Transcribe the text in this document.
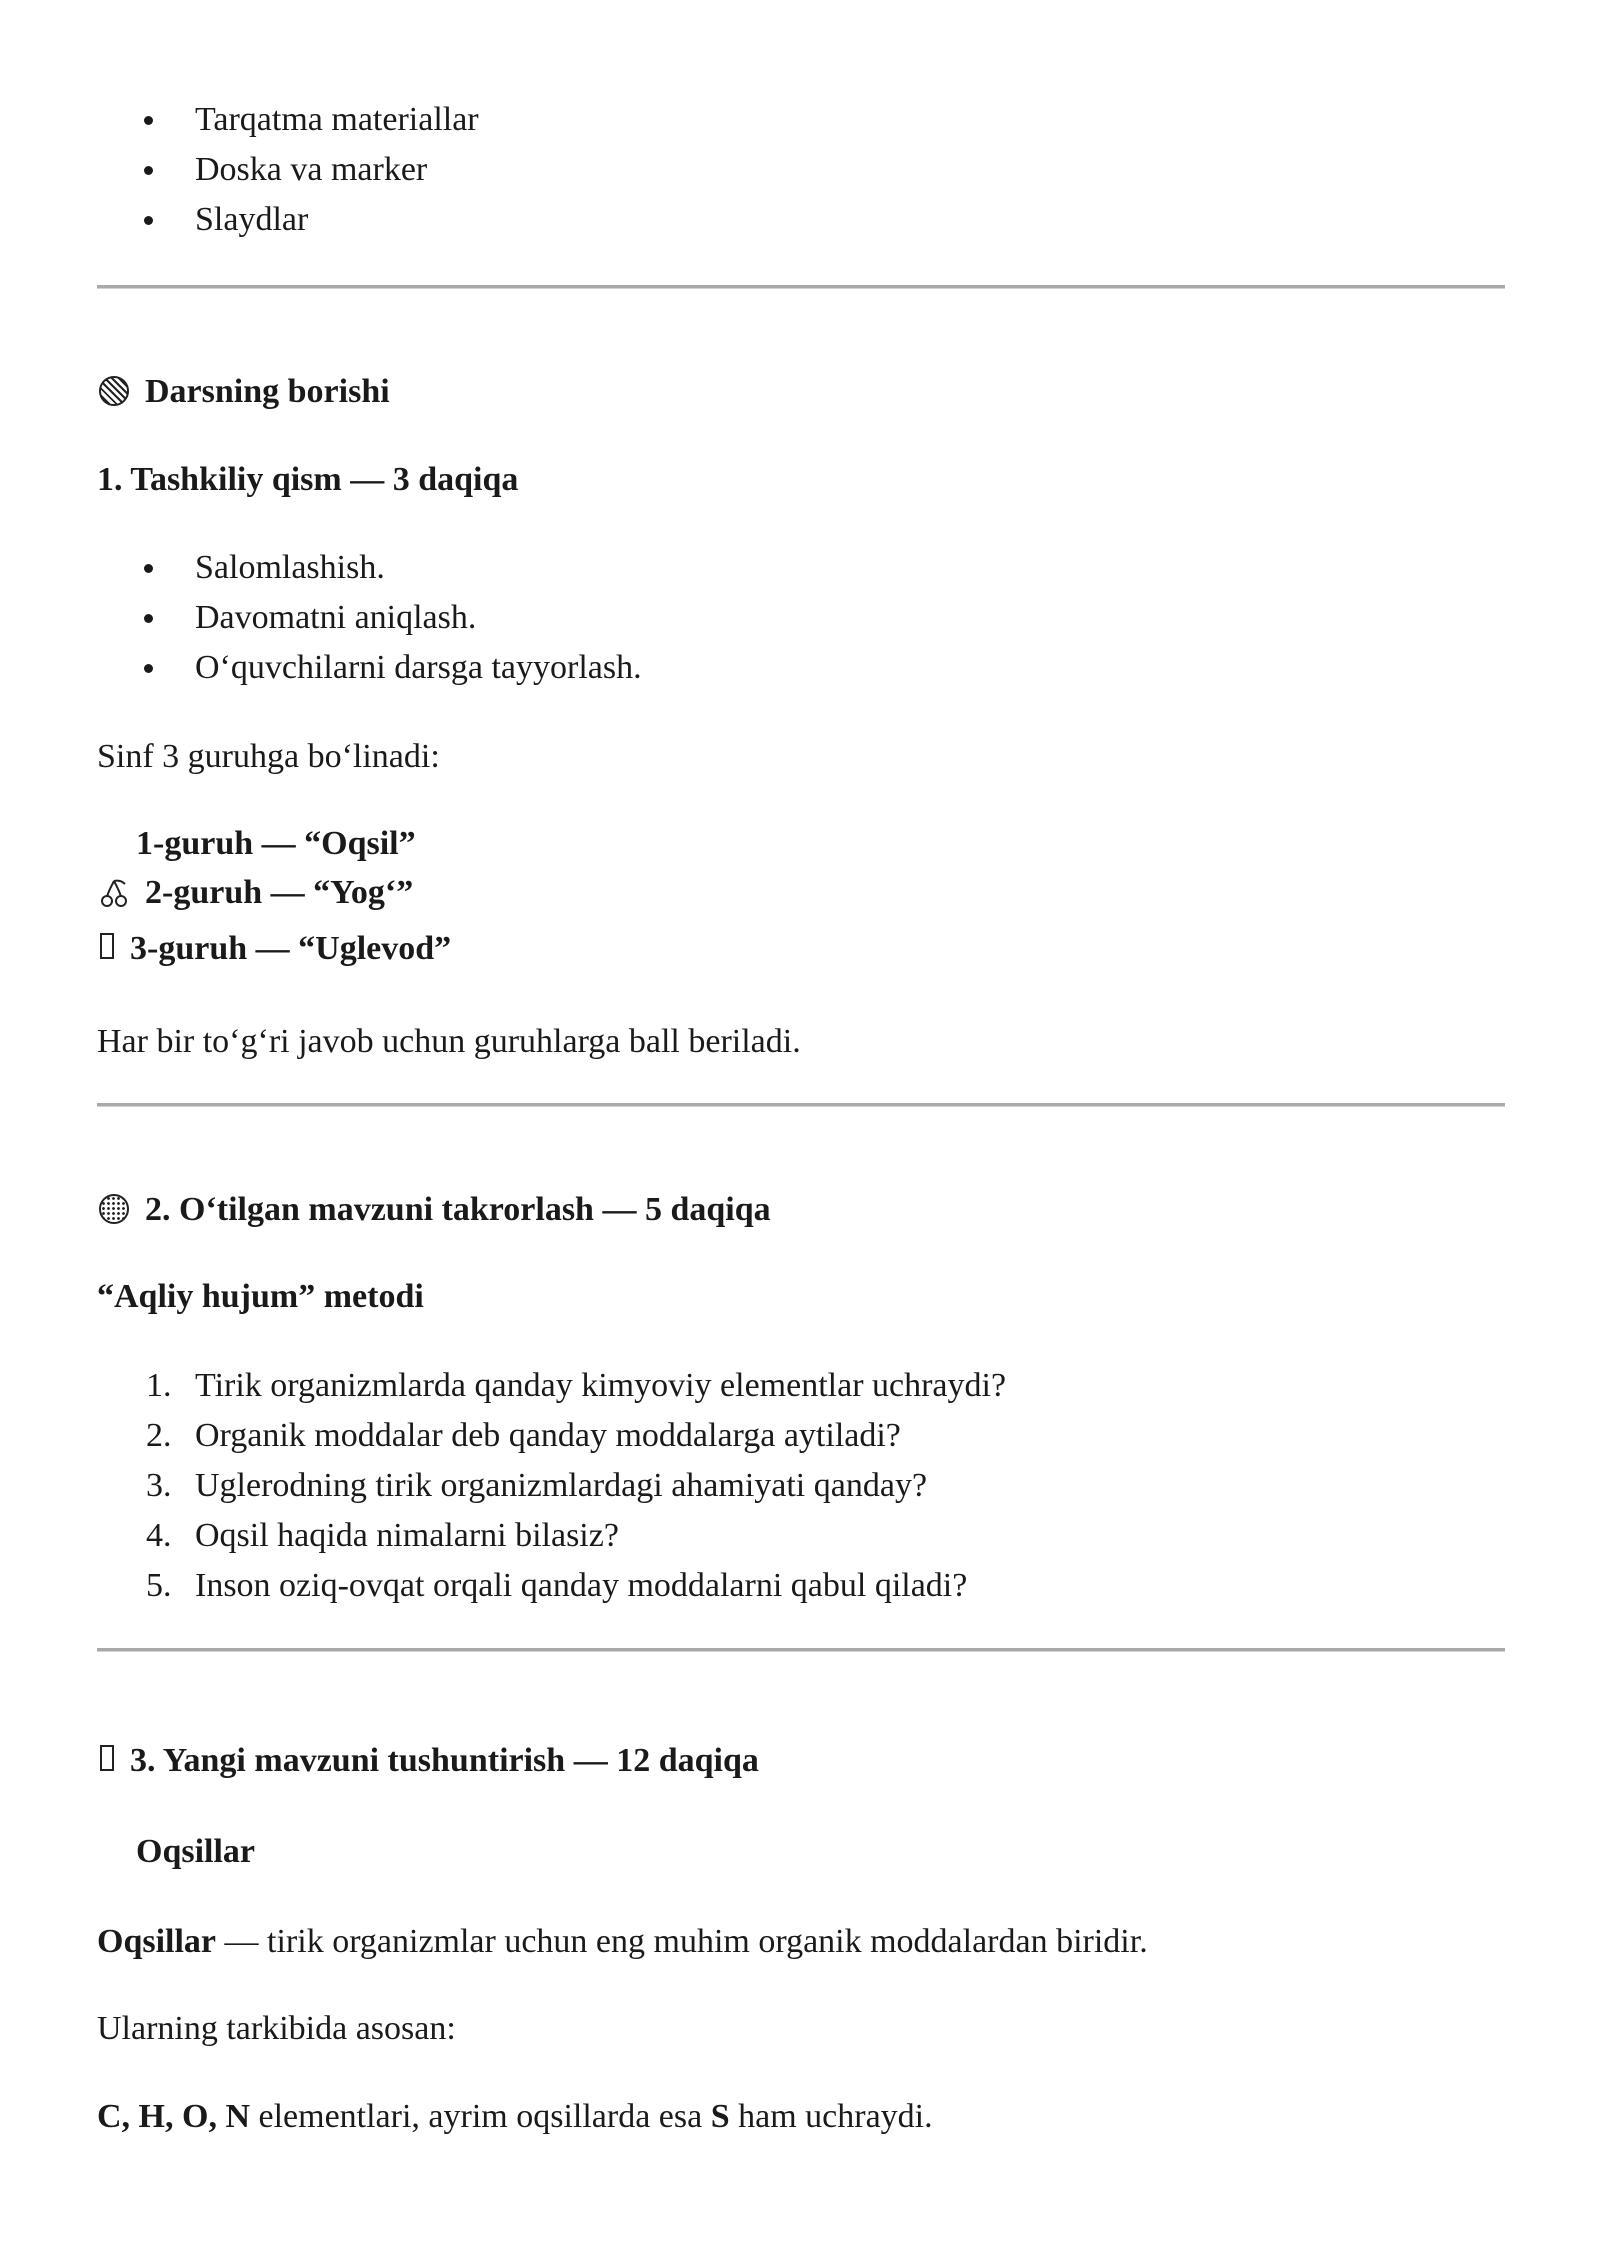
Tarqatma materiallar
Doska va marker
Slaydlar
Darsning borishi
1. Tashkiliy qism — 3 daqiqa
Salomlashish.
Davomatni aniqlash.
O‘quvchilarni darsga tayyorlash.
Sinf 3 guruhga bo‘linadi:
1-guruh — “Oqsil”
2-guruh — “Yog‘”
3-guruh — “Uglevod”
Har bir to‘g‘ri javob uchun guruhlarga ball beriladi.
2. O‘tilgan mavzuni takrorlash — 5 daqiqa
“Aqliy hujum” metodi
1. Tirik organizmlarda qanday kimyoviy elementlar uchraydi?
2. Organik moddalar deb qanday moddalarga aytiladi?
3. Uglerodning tirik organizmlardagi ahamiyati qanday?
4. Oqsil haqida nimalarni bilasiz?
5. Inson oziq-ovqat orqali qanday moddalarni qabul qiladi?
3. Yangi mavzuni tushuntirish — 12 daqiqa
Oqsillar
Oqsillar — tirik organizmlar uchun eng muhim organik moddalardan biridir.
Ularning tarkibida asosan:
C, H, O, N elementlari, ayrim oqsillarda esa S ham uchraydi.
